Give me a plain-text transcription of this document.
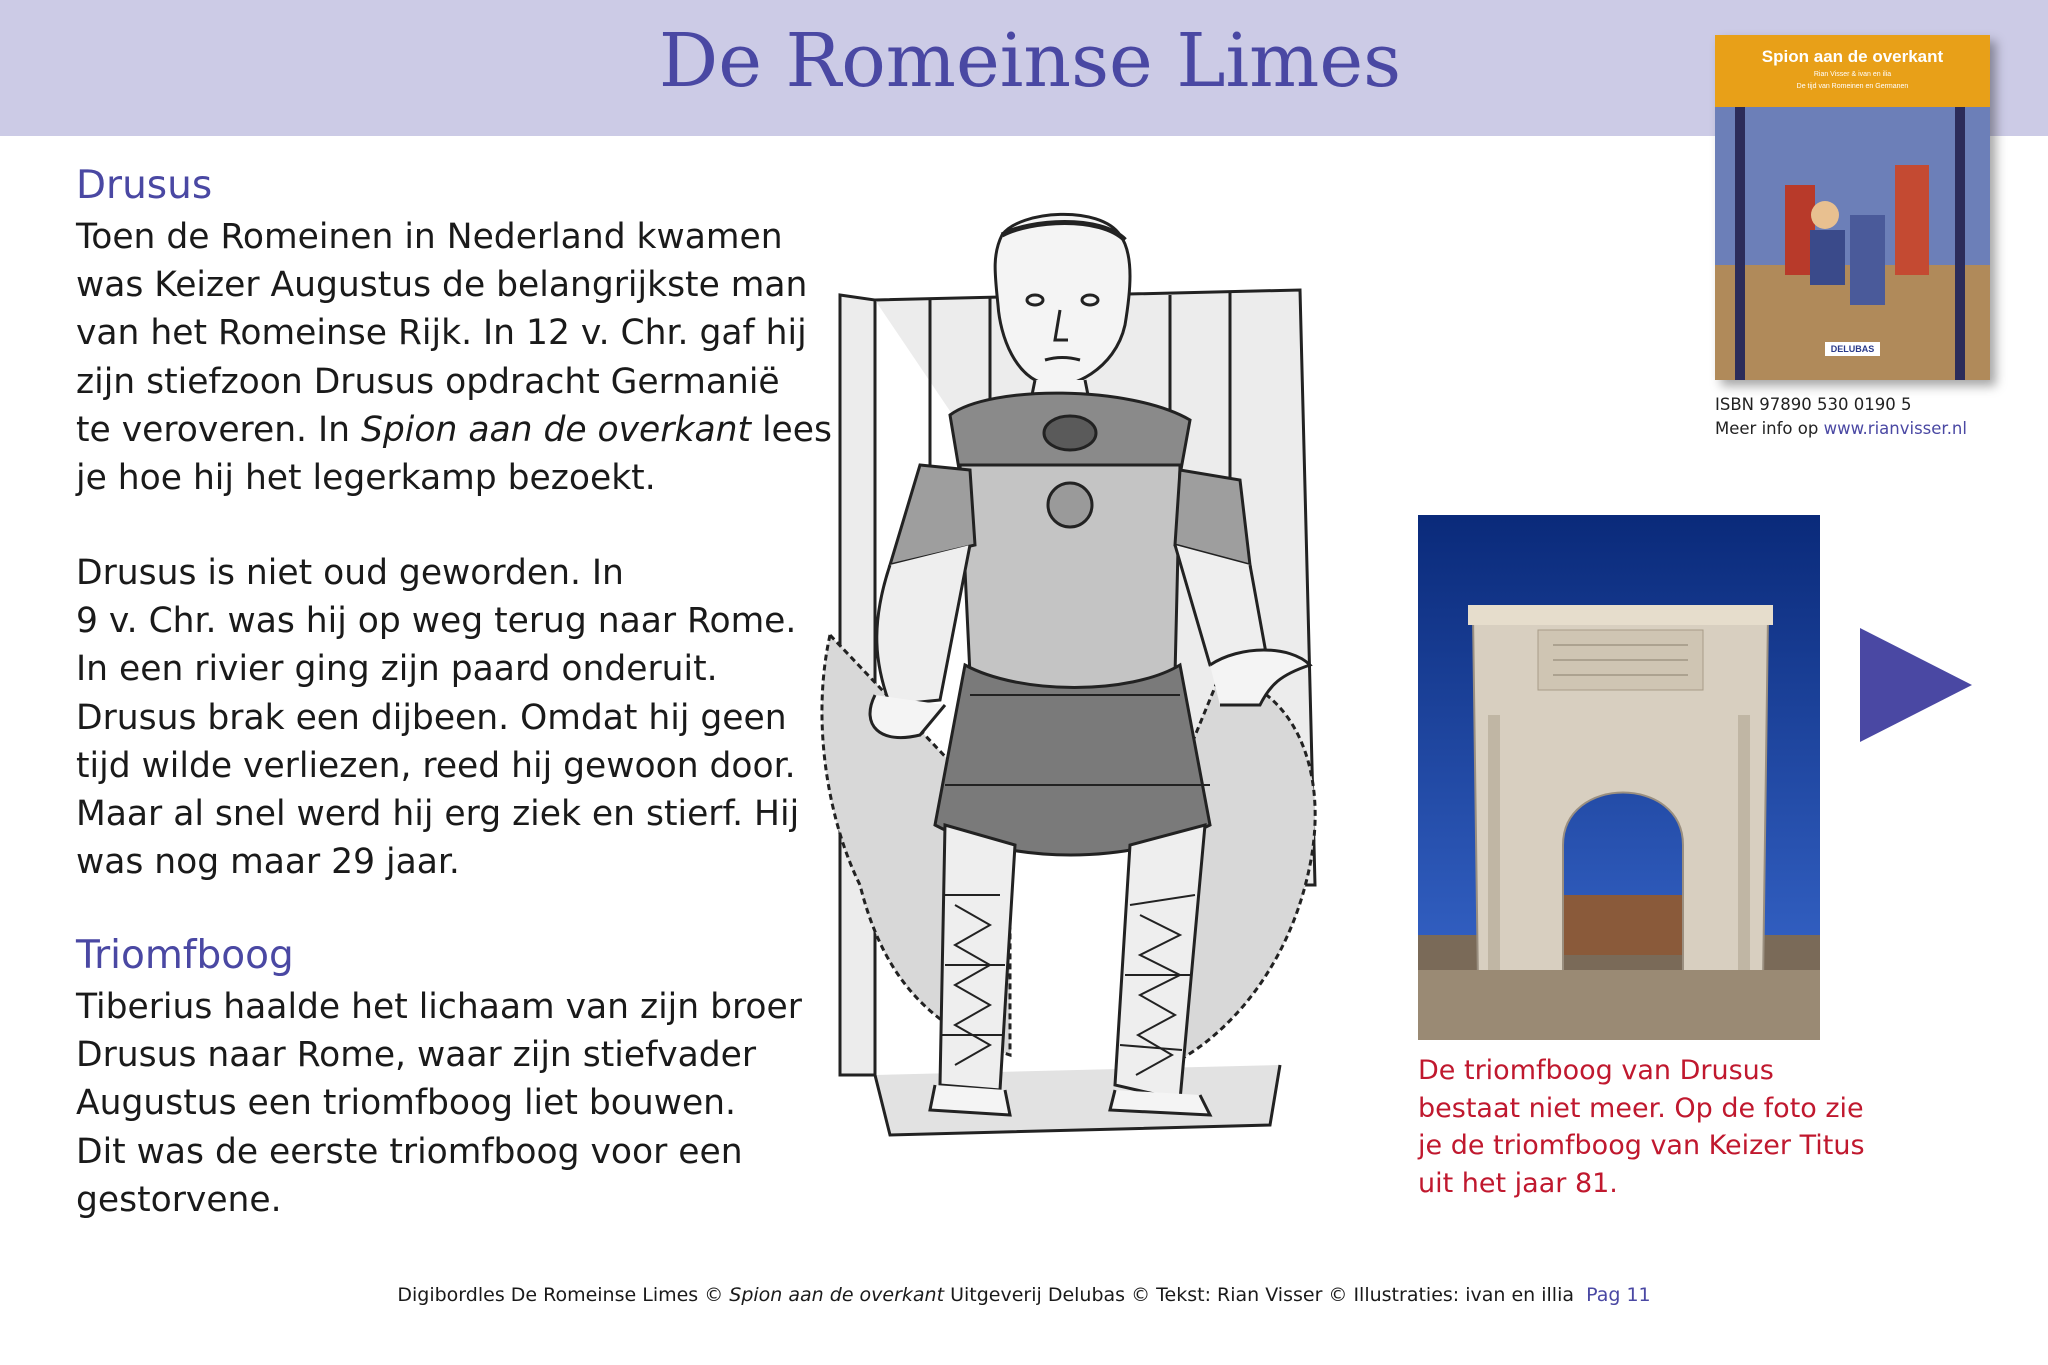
De Romeinse Limes
Drusus
Toen de Romeinen in Nederland kwamen
was Keizer Augustus de belangrijkste man
van het Romeinse Rijk. In 12 v. Chr. gaf hij
zijn stiefzoon Drusus opdracht Germanië
te veroveren. In Spion aan de overkant lees
je hoe hij het legerkamp bezoekt.
Drusus is niet oud geworden. In
9 v. Chr. was hij op weg terug naar Rome.
In een rivier ging zijn paard onderuit.
Drusus brak een dijbeen. Omdat hij geen
tijd wilde verliezen, reed hij gewoon door.
Maar al snel werd hij erg ziek en stierf. Hij
was nog maar 29 jaar.
Triomfboog
Tiberius haalde het lichaam van zijn broer
Drusus naar Rome, waar zijn stiefvader
Augustus een triomfboog liet bouwen.
Dit was de eerste triomfboog voor een
gestorvene.
Spion aan de overkant
Rian Visser & ivan en ilia
De tijd van Romeinen en Germanen
DELUBAS
ISBN 97890 530 0190 5
Meer info op www.rianvisser.nl
De triomfboog van Drusus
bestaat niet meer. Op de foto zie
je de triomfboog van Keizer Titus
uit het jaar 81.
Digibordles De Romeinse Limes © Spion aan de overkant Uitgeverij Delubas © Tekst: Rian Visser © Illustraties: ivan en illia Pag 11
